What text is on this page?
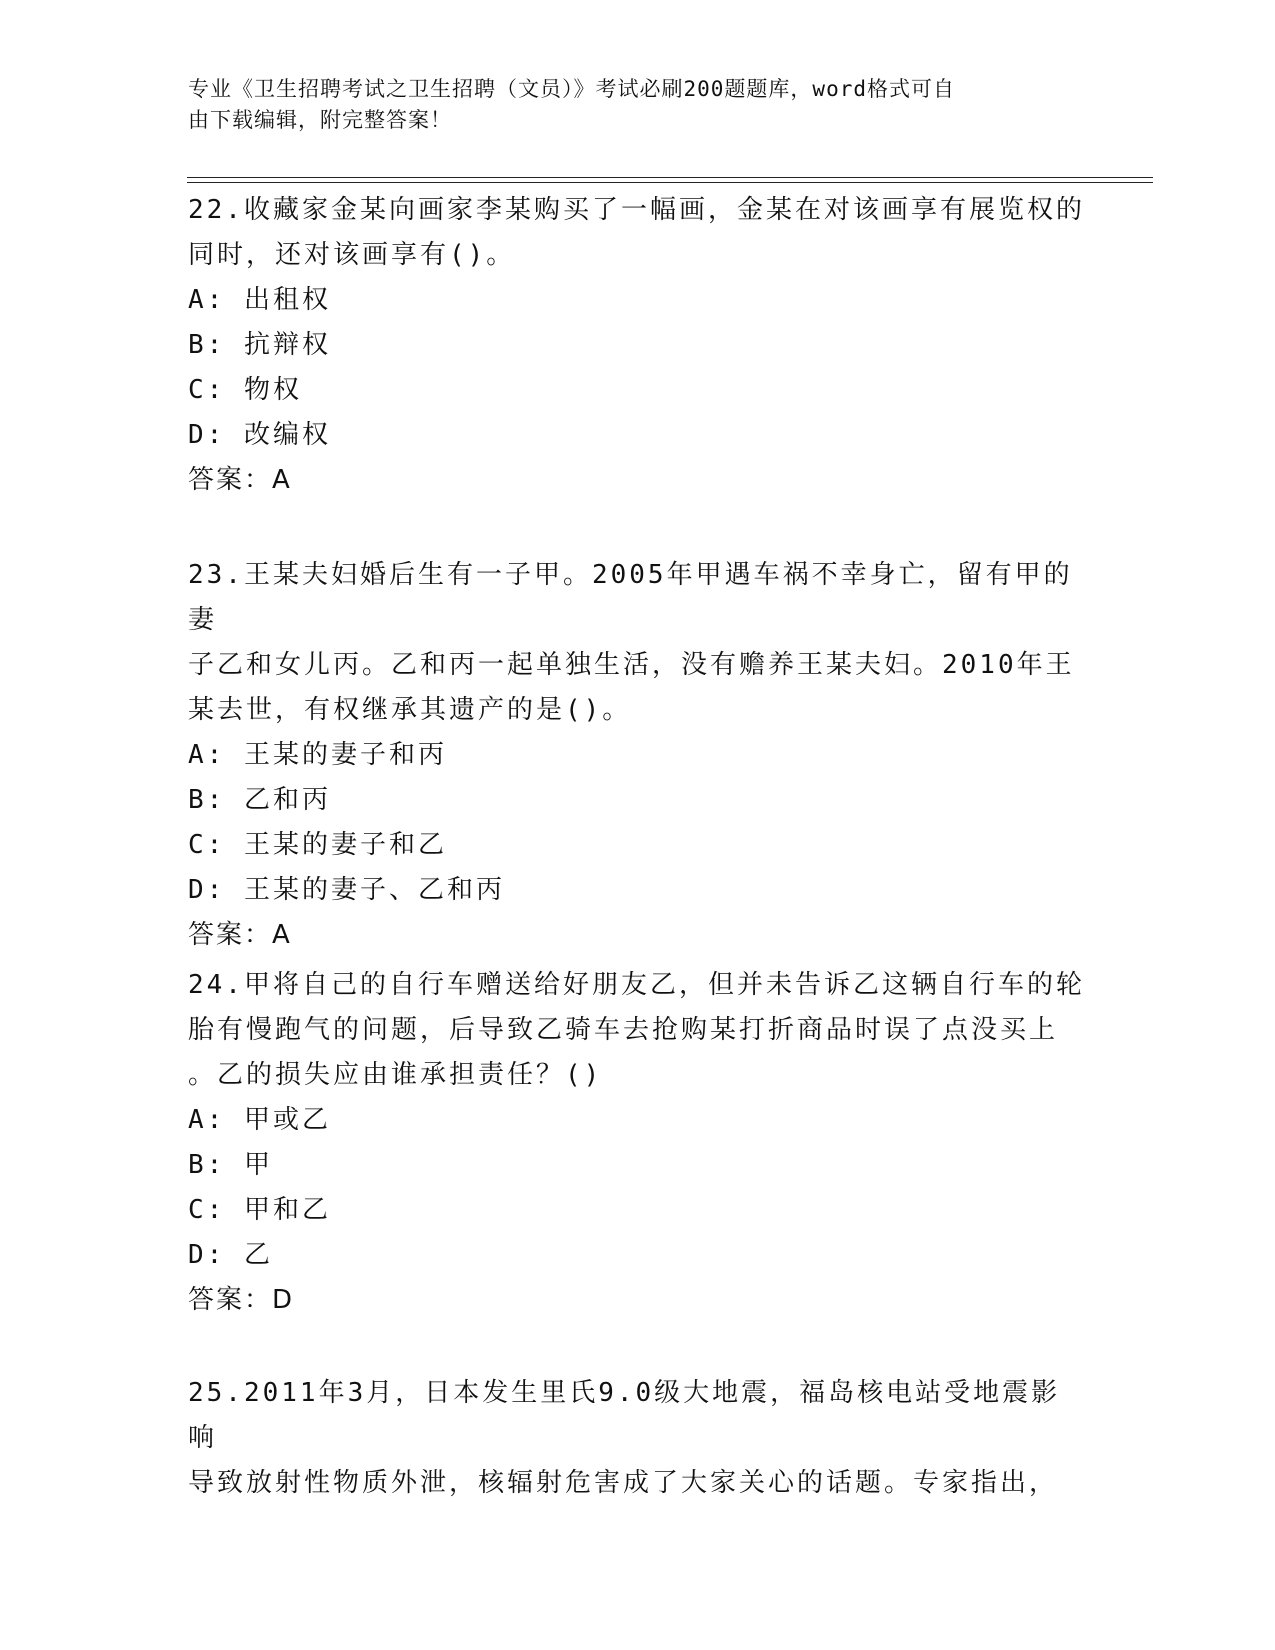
专业《卫生招聘考试之卫生招聘（文员）》考试必刷200题题库，word格式可自
由下载编辑，附完整答案！
22.收藏家金某向画家李某购买了一幅画，金某在对该画享有展览权的
同时，还对该画享有()。
A: 出租权
B: 抗辩权
C: 物权
D: 改编权
答案：A
23.王某夫妇婚后生有一子甲。2005年甲遇车祸不幸身亡，留有甲的妻
子乙和女儿丙。乙和丙一起单独生活，没有赡养王某夫妇。2010年王
某去世，有权继承其遗产的是()。
A: 王某的妻子和丙
B: 乙和丙
C: 王某的妻子和乙
D: 王某的妻子、乙和丙
答案：A
24.甲将自己的自行车赠送给好朋友乙，但并未告诉乙这辆自行车的轮
胎有慢跑气的问题，后导致乙骑车去抢购某打折商品时误了点没买上
。乙的损失应由谁承担责任？()
A: 甲或乙
B: 甲
C: 甲和乙
D: 乙
答案：D
25.2011年3月，日本发生里氏9.0级大地震，福岛核电站受地震影响
导致放射性物质外泄，核辐射危害成了大家关心的话题。专家指出，
